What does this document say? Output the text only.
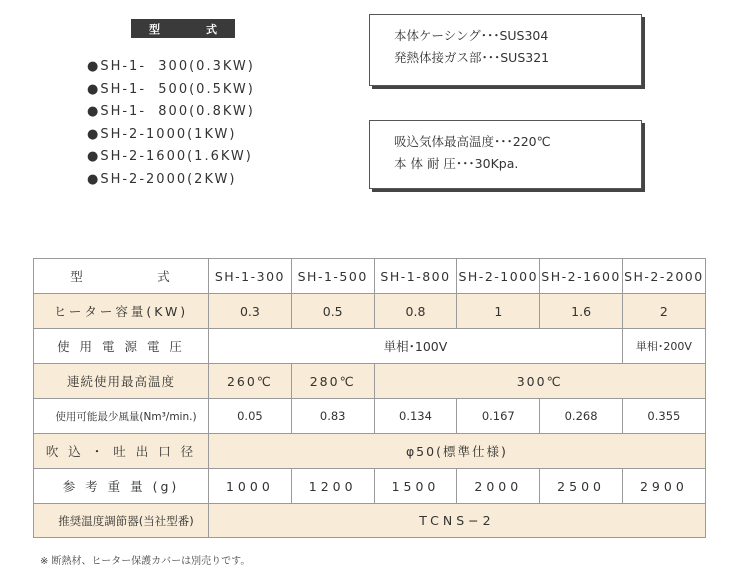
型	式
●SH-1-  300(0.3KW)
●SH-1-  500(0.5KW)
●SH-1-  800(0.8KW)
●SH-2-1000(1KW)
●SH-2-1600(1.6KW)
●SH-2-2000(2KW)
本体ケーシング･･･SUS304
発熱体接ガス部･･･SUS321
吸込気体最高温度･･･220℃
本 体 耐 圧･･･30Kpa.
型　　　　　式	SH-1-300	SH-1-500	SH-1-800	SH-2-1000	SH-2-1600	SH-2-2000
ヒーター容量(KW)	0.3	0.5	0.8	1	1.6	2
使 用 電 源 電 圧	単相･100V					単相･200V
連続使用最高温度	260℃	280℃	300℃			
使用可能最少風量(Nm³/min.)	0.05	0.83	0.134	0.167	0.268	0.355
吹 込 ・ 吐 出 口 径	φ50(標準仕様)					
参 考 重 量 (g)	1000	1200	1500	2000	2500	2900
推奨温度調節器(当社型番)	TCNS−2					
※ 断熱材、ヒーター保護カバーは別売りです。
